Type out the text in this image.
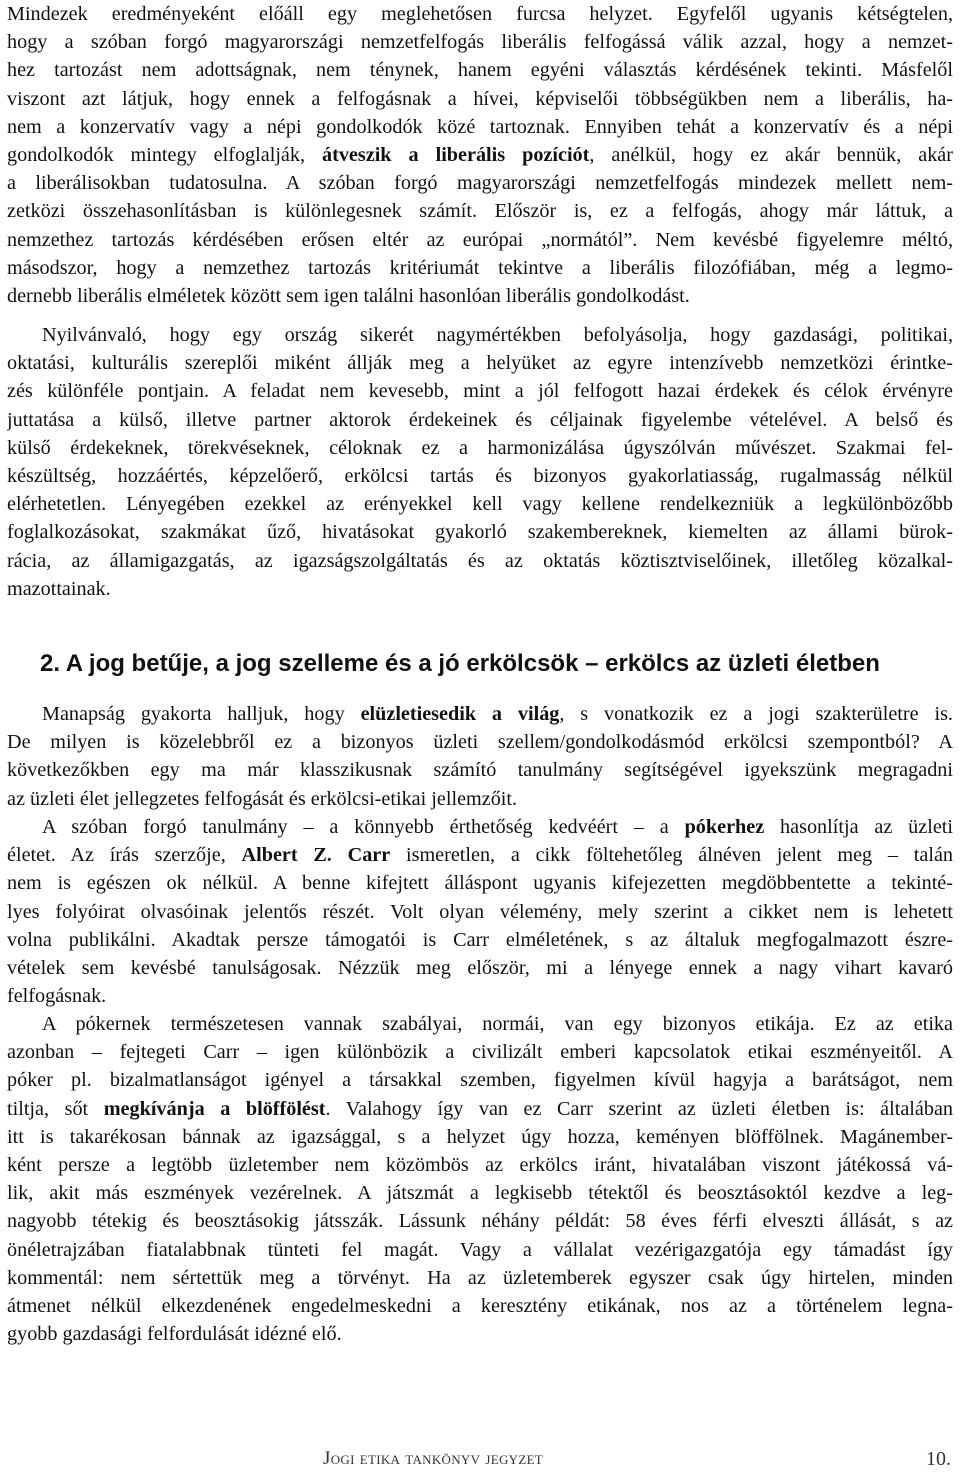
Mindezek eredményeként előáll egy meglehetősen furcsa helyzet. Egyfelől ugyanis kétségtelen,
hogy a szóban forgó magyarországi nemzetfelfogás liberális felfogássá válik azzal, hogy a nemzet-
hez tartozást nem adottságnak, nem ténynek, hanem egyéni választás kérdésének tekinti. Másfelől
viszont azt látjuk, hogy ennek a felfogásnak a hívei, képviselői többségükben nem a liberális, ha-
nem a konzervatív vagy a népi gondolkodók közé tartoznak. Ennyiben tehát a konzervatív és a népi
gondolkodók mintegy elfoglalják, átveszik a liberális pozíciót, anélkül, hogy ez akár bennük, akár
a liberálisokban tudatosulna. A szóban forgó magyarországi nemzetfelfogás mindezek mellett nem-
zetközi összehasonlításban is különlegesnek számít. Először is, ez a felfogás, ahogy már láttuk, a
nemzethez tartozás kérdésében erősen eltér az európai „normától”. Nem kevésbé figyelemre méltó,
másodszor, hogy a nemzethez tartozás kritériumát tekintve a liberális filozófiában, még a legmo-
dernebb liberális elméletek között sem igen találni hasonlóan liberális gondolkodást.
Nyilvánvaló, hogy egy ország sikerét nagymértékben befolyásolja, hogy gazdasági, politikai,
oktatási, kulturális szereplői miként állják meg a helyüket az egyre intenzívebb nemzetközi érintke-
zés különféle pontjain. A feladat nem kevesebb, mint a jól felfogott hazai érdekek és célok érvényre
juttatása a külső, illetve partner aktorok érdekeinek és céljainak figyelembe vételével. A belső és
külső érdekeknek, törekvéseknek, céloknak ez a harmonizálása úgyszólván művészet. Szakmai fel-
készültség, hozzáértés, képzelőerő, erkölcsi tartás és bizonyos gyakorlatiasság, rugalmasság nélkül
elérhetetlen. Lényegében ezekkel az erényekkel kell vagy kellene rendelkezniük a legkülönbözőbb
foglalkozásokat, szakmákat űző, hivatásokat gyakorló szakembereknek, kiemelten az állami bürok-
rácia, az államigazgatás, az igazságszolgáltatás és az oktatás köztisztviselőinek, illetőleg közalkal-
mazottainak.
2. A jog betűje, a jog szelleme és a jó erkölcsök – erkölcs az üzleti életben
Manapság gyakorta halljuk, hogy elüzletiesedik a világ, s vonatkozik ez a jogi szakterületre is.
De milyen is közelebbről ez a bizonyos üzleti szellem/gondolkodásmód erkölcsi szempontból? A
következőkben egy ma már klasszikusnak számító tanulmány segítségével igyekszünk megragadni
az üzleti élet jellegzetes felfogását és erkölcsi-etikai jellemzőit.
A szóban forgó tanulmány – a könnyebb érthetőség kedvéért – a pókerhez hasonlítja az üzleti
életet. Az írás szerzője, Albert Z. Carr ismeretlen, a cikk föltehetőleg álnéven jelent meg – talán
nem is egészen ok nélkül. A benne kifejtett álláspont ugyanis kifejezetten megdöbbentette a tekinté-
lyes folyóirat olvasóinak jelentős részét. Volt olyan vélemény, mely szerint a cikket nem is lehetett
volna publikálni. Akadtak persze támogatói is Carr elméletének, s az általuk megfogalmazott észre-
vételek sem kevésbé tanulságosak. Nézzük meg először, mi a lényege ennek a nagy vihart kavaró
felfogásnak.
A pókernek természetesen vannak szabályai, normái, van egy bizonyos etikája. Ez az etika
azonban – fejtegeti Carr – igen különbözik a civilizált emberi kapcsolatok etikai eszményeitől. A
póker pl. bizalmatlanságot igényel a társakkal szemben, figyelmen kívül hagyja a barátságot, nem
tiltja, sőt megkívánja a blöffölést. Valahogy így van ez Carr szerint az üzleti életben is: általában
itt is takarékosan bánnak az igazsággal, s a helyzet úgy hozza, keményen blöffölnek. Magánember-
ként persze a legtöbb üzletember nem közömbös az erkölcs iránt, hivatalában viszont játékossá vá-
lik, akit más eszmények vezérelnek. A játszmát a legkisebb tétektől és beosztásoktól kezdve a leg-
nagyobb tétekig és beosztásokig játsszák. Lássunk néhány példát: 58 éves férfi elveszti állását, s az
önéletrajzában fiatalabbnak tünteti fel magát. Vagy a vállalat vezérigazgatója egy támadást így
kommentál: nem sértettük meg a törvényt. Ha az üzletemberek egyszer csak úgy hirtelen, minden
átmenet nélkül elkezdenének engedelmeskedni a keresztény etikának, nos az a történelem legna-
gyobb gazdasági felfordulását idézné elő.
Jogi etika tankönyv jegyzet	10.
